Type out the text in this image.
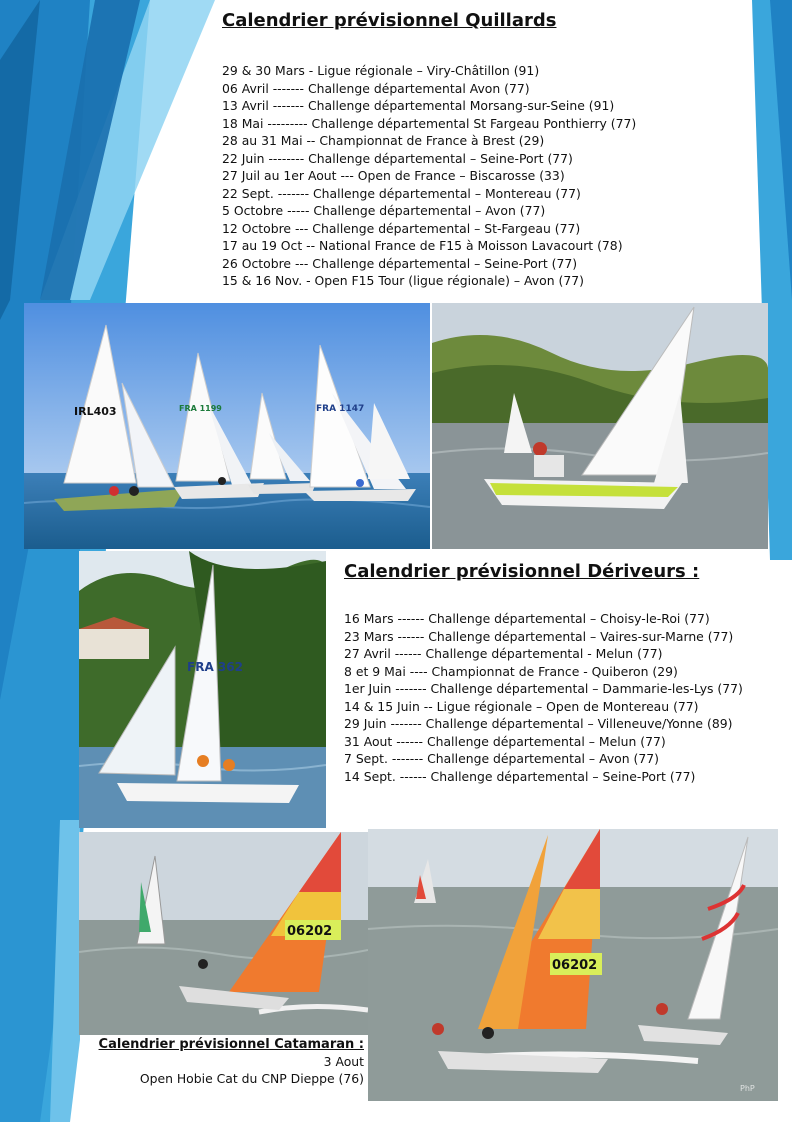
Calendrier prévisionnel Quillards
29 & 30 Mars - Ligue régionale – Viry-Châtillon (91)
06 Avril ------- Challenge départemental Avon (77)
13 Avril ------- Challenge départemental Morsang-sur-Seine (91)
18 Mai --------- Challenge départemental St Fargeau Ponthierry (77)
28 au 31 Mai -- Championnat de France à Brest (29)
22 Juin -------- Challenge départemental – Seine-Port (77)
27 Juil au 1er Aout --- Open de France – Biscarosse (33)
22 Sept. ------- Challenge départemental – Montereau (77)
5 Octobre ----- Challenge départemental – Avon (77)
12 Octobre --- Challenge départemental – St-Fargeau (77)
17 au 19 Oct -- National France de F15 à Moisson Lavacourt (78)
26 Octobre --- Challenge départemental – Seine-Port (77)
15 & 16 Nov. - Open F15 Tour (ligue régionale) – Avon (77)
IRL403	FRA 1199	FRA 1147
Calendrier prévisionnel Dériveurs :
16 Mars ------ Challenge départemental – Choisy-le-Roi (77)
23 Mars ------ Challenge départemental – Vaires-sur-Marne (77)
27 Avril ------ Challenge départemental - Melun (77)
8 et 9 Mai ---- Championnat de France - Quiberon (29)
1er Juin ------- Challenge départemental – Dammarie-les-Lys (77)
14 & 15 Juin -- Ligue régionale – Open de Montereau (77)
29 Juin ------- Challenge départemental – Villeneuve/Yonne (89)
31 Aout ------ Challenge départemental – Melun (77)
7 Sept. ------- Challenge départemental – Avon (77)
14 Sept. ------ Challenge départemental – Seine-Port (77)
FRA 362
06202
06202
PhP
Calendrier prévisionnel Catamaran :
3 Aout
Open Hobie Cat du CNP Dieppe (76)
